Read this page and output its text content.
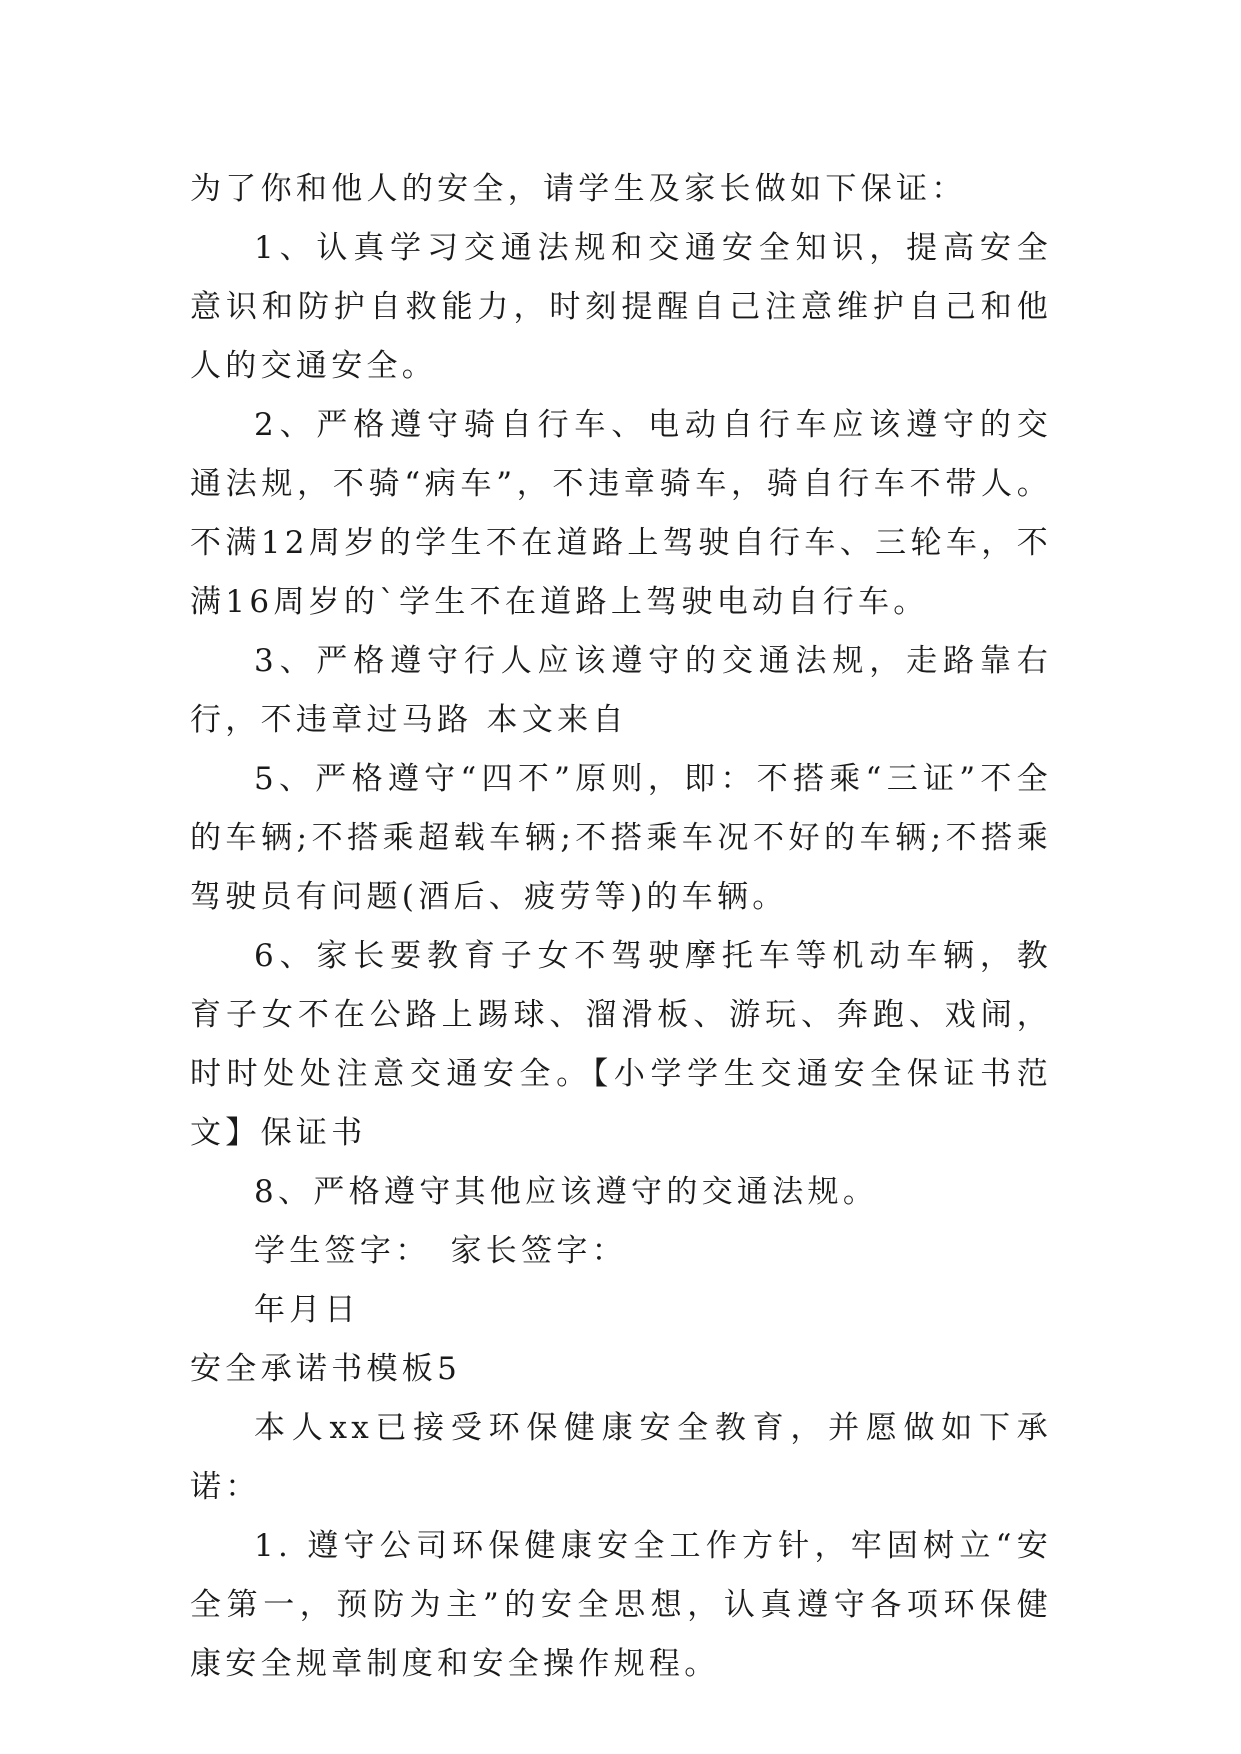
为了你和他人的安全，请学生及家长做如下保证：

1、认真学习交通法规和交通安全知识，提高安全意识和防护自救能力，时刻提醒自己注意维护自己和他人的交通安全。

2、严格遵守骑自行车、电动自行车应该遵守的交通法规，不骑“病车”，不违章骑车，骑自行车不带人。不满12周岁的学生不在道路上驾驶自行车、三轮车，不满16周岁的`学生不在道路上驾驶电动自行车。

3、严格遵守行人应该遵守的交通法规，走路靠右行，不违章过马路 本文来自

5、严格遵守“四不”原则，即：不搭乘“三证”不全的车辆;不搭乘超载车辆;不搭乘车况不好的车辆;不搭乘驾驶员有问题(酒后、疲劳等)的车辆。

6、家长要教育子女不驾驶摩托车等机动车辆，教育子女不在公路上踢球、溜滑板、游玩、奔跑、戏闹，时时处处注意交通安全。【小学学生交通安全保证书范文】保证书

8、严格遵守其他应该遵守的交通法规。

学生签字： 家长签字：

年月日

安全承诺书模板5

本人xx已接受环保健康安全教育，并愿做如下承诺：

1. 遵守公司环保健康安全工作方针，牢固树立“安全第一，预防为主”的安全思想，认真遵守各项环保健康安全规章制度和安全操作规程。
